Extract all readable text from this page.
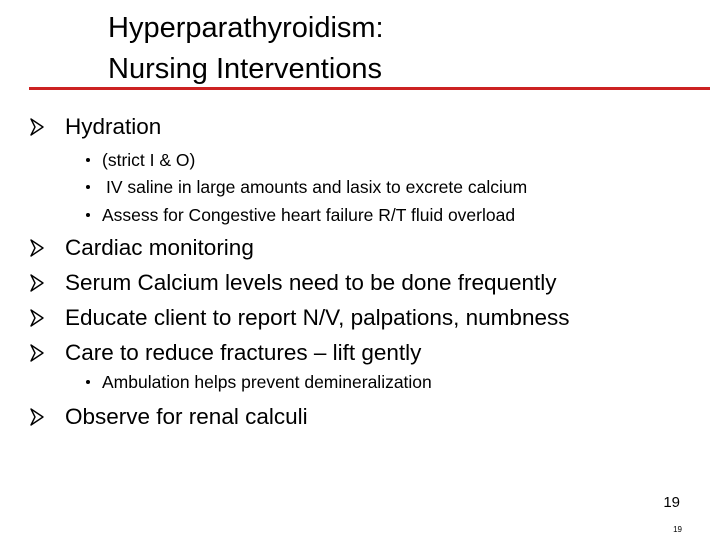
Hyperparathyroidism:
Nursing Interventions
Hydration
(strict I & O)
IV saline in large amounts and lasix to excrete calcium
Assess for Congestive heart failure R/T fluid overload
Cardiac monitoring
Serum Calcium levels need to be done frequently
Educate client to report N/V, palpations, numbness
Care to reduce fractures – lift gently
Ambulation helps prevent demineralization
Observe for renal calculi
19
19
